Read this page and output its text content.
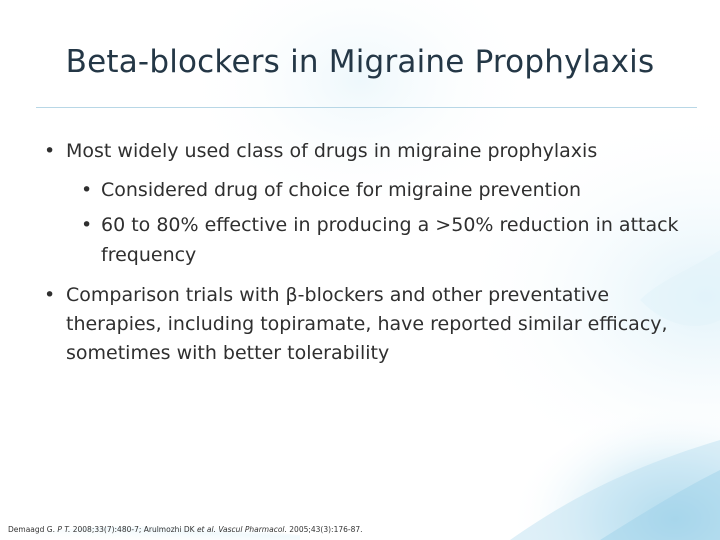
Beta-blockers in Migraine Prophylaxis
• Most widely used class of drugs in migraine prophylaxis
• Considered drug of choice for migraine prevention
• 60 to 80% effective in producing a >50% reduction in attack
frequency
• Comparison trials with β-blockers and other preventative
therapies, including topiramate, have reported similar efficacy,
sometimes with better tolerability
Demaagd G. P T. 2008;33(7):480-7; Arulmozhi DK et al. Vascul Pharmacol. 2005;43(3):176-87.
